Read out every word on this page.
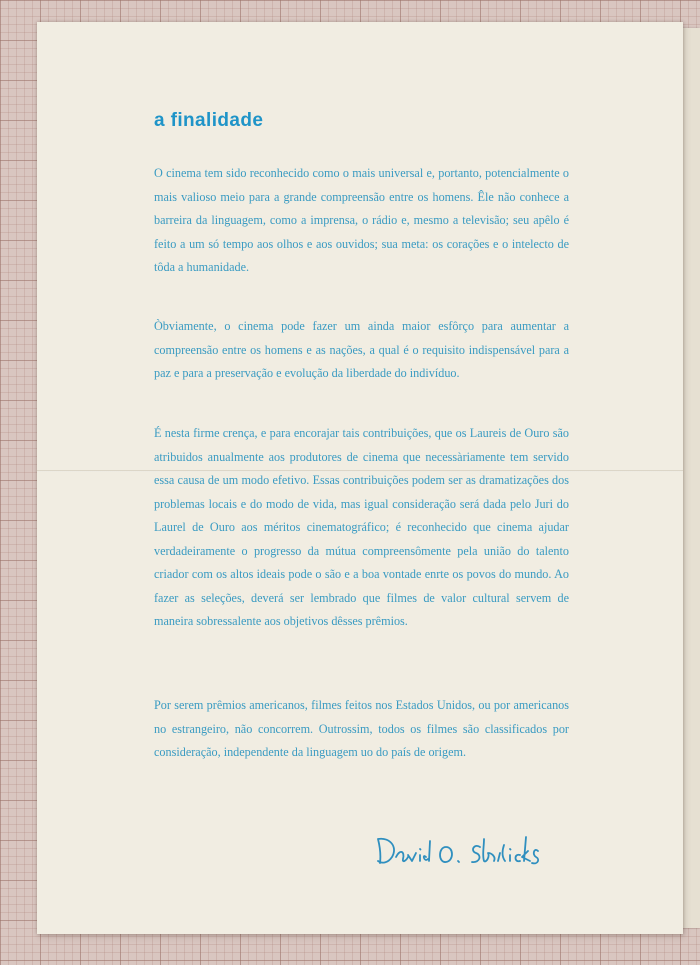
a finalidade

O cinema tem sido reconhecido como o mais universal e, portanto, potencialmente o mais valioso meio para a grande compreensão entre os homens. Êle não conhece a barreira da linguagem, como a imprensa, o rádio e, mesmo a televisão; seu apêlo é feito a um só tempo aos olhos e aos ouvidos; sua meta: os corações e o intelecto de tôda a humanidade.

Òbviamente, o cinema pode fazer um ainda maior esfôrço para aumentar a compreensão entre os homens e as nações, a qual é o requisito indispensável para a paz e para a preservação e evolução da liberdade do indivíduo.

É nesta firme crença, e para encorajar tais contribuições, que os Laureis de Ouro são atribuidos anualmente aos produtores de cinema que necessàriamente tem servido essa causa de um modo efetivo. Essas contribuições podem ser as dramatizações dos problemas locais e do modo de vida, mas igual consideração será dada pelo Juri do Laurel de Ouro aos méritos cinematográfico; é reconhecido que cinema ajudar verdadeiramente o progresso da mútua compreensômente pela união do talento criador com os altos ideais pode o são e a boa vontade enrte os povos do mundo. Ao fazer as seleções, deverá ser lembrado que filmes de valor cultural servem de maneira sobressalente aos objetivos dêsses prêmios.

Por serem prêmios americanos, filmes feitos nos Estados Unidos, ou por americanos no estrangeiro, não concorrem. Outrossim, todos os filmes são classificados por consideração, independente da linguagem uo do país de origem.
